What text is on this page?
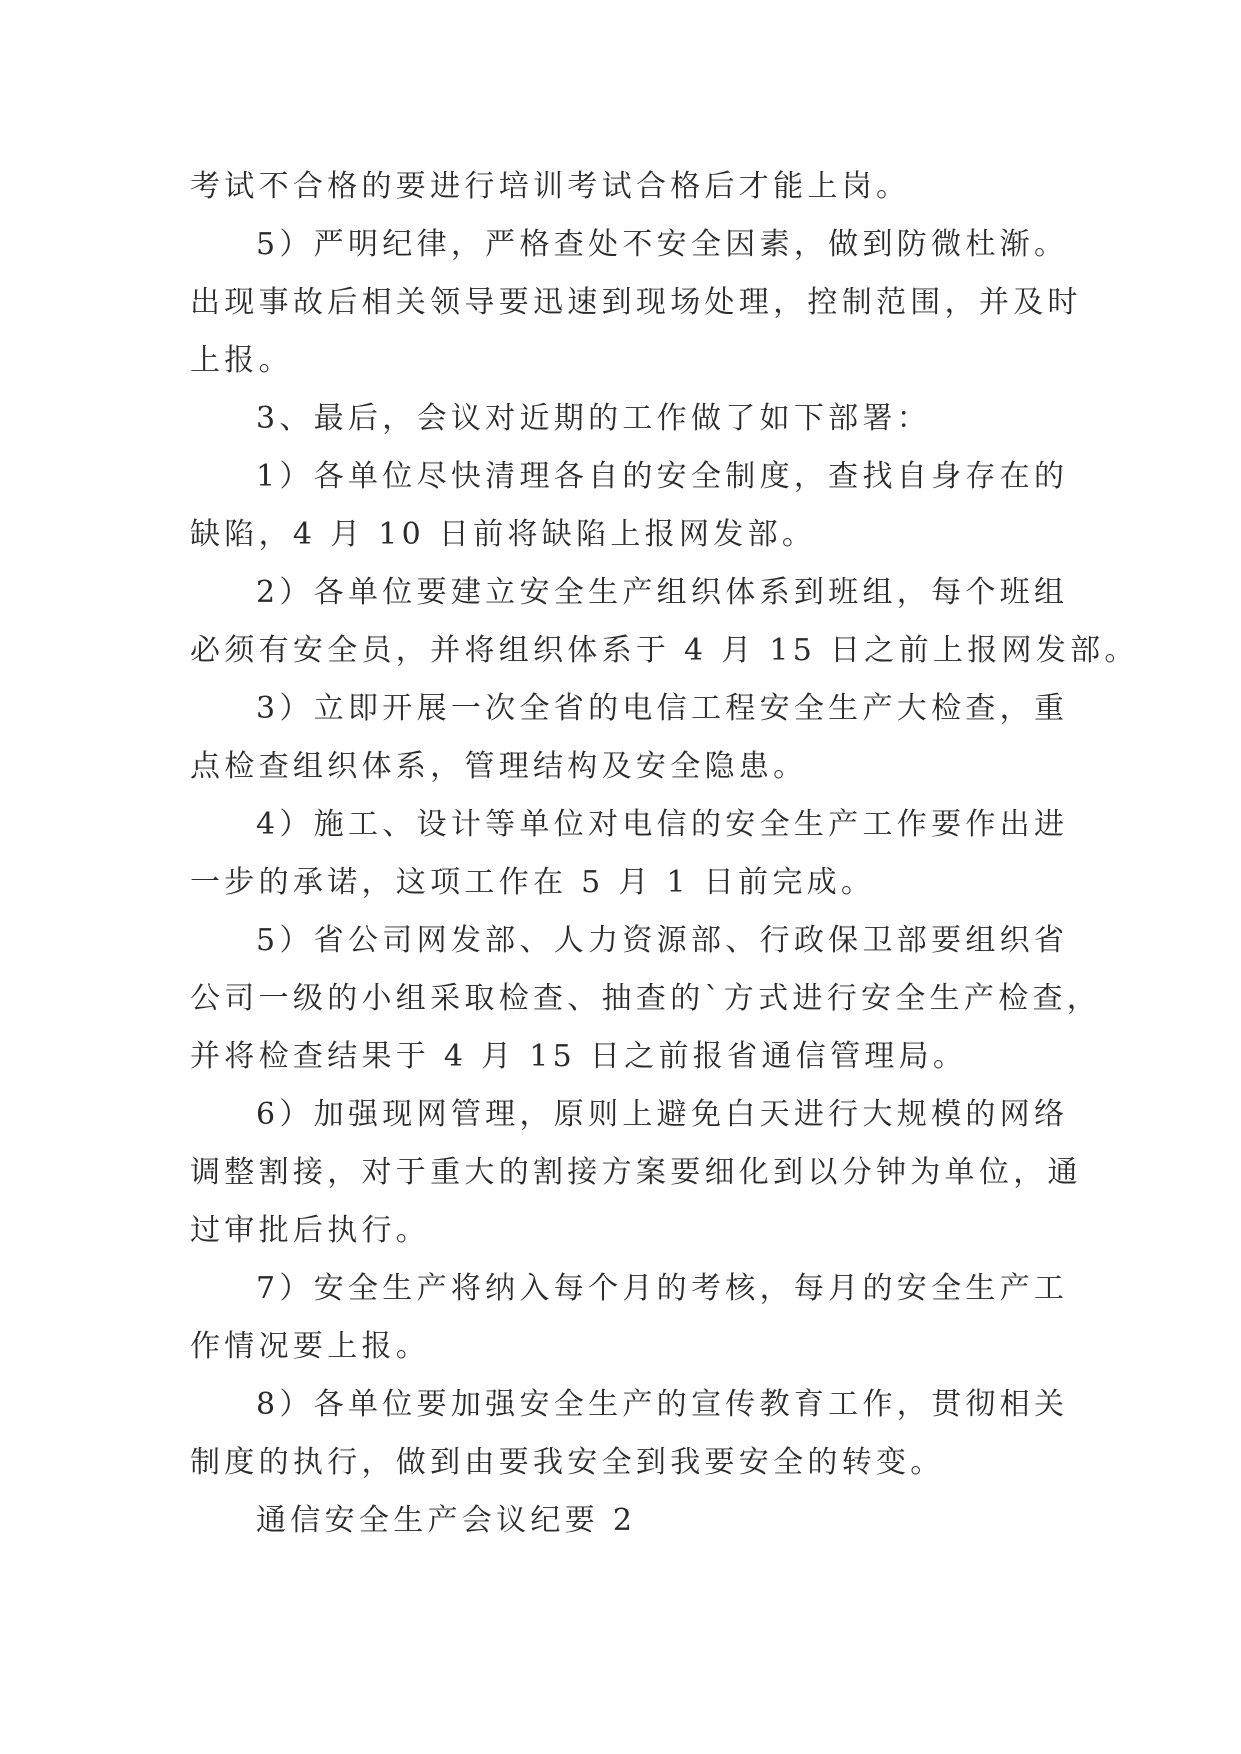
考试不合格的要进行培训考试合格后才能上岗。
5）严明纪律，严格查处不安全因素，做到防微杜渐。
出现事故后相关领导要迅速到现场处理，控制范围，并及时
上报。
3、最后，会议对近期的工作做了如下部署：
1）各单位尽快清理各自的安全制度，查找自身存在的
缺陷，4 月 10 日前将缺陷上报网发部。
2）各单位要建立安全生产组织体系到班组，每个班组
必须有安全员，并将组织体系于 4 月 15 日之前上报网发部。
3）立即开展一次全省的电信工程安全生产大检查，重
点检查组织体系，管理结构及安全隐患。
4）施工、设计等单位对电信的安全生产工作要作出进
一步的承诺，这项工作在 5 月 1 日前完成。
5）省公司网发部、人力资源部、行政保卫部要组织省
公司一级的小组采取检查、抽查的`方式进行安全生产检查，
并将检查结果于 4 月 15 日之前报省通信管理局。
6）加强现网管理，原则上避免白天进行大规模的网络
调整割接，对于重大的割接方案要细化到以分钟为单位，通
过审批后执行。
7）安全生产将纳入每个月的考核，每月的安全生产工
作情况要上报。
8）各单位要加强安全生产的宣传教育工作，贯彻相关
制度的执行，做到由要我安全到我要安全的转变。
通信安全生产会议纪要 2
